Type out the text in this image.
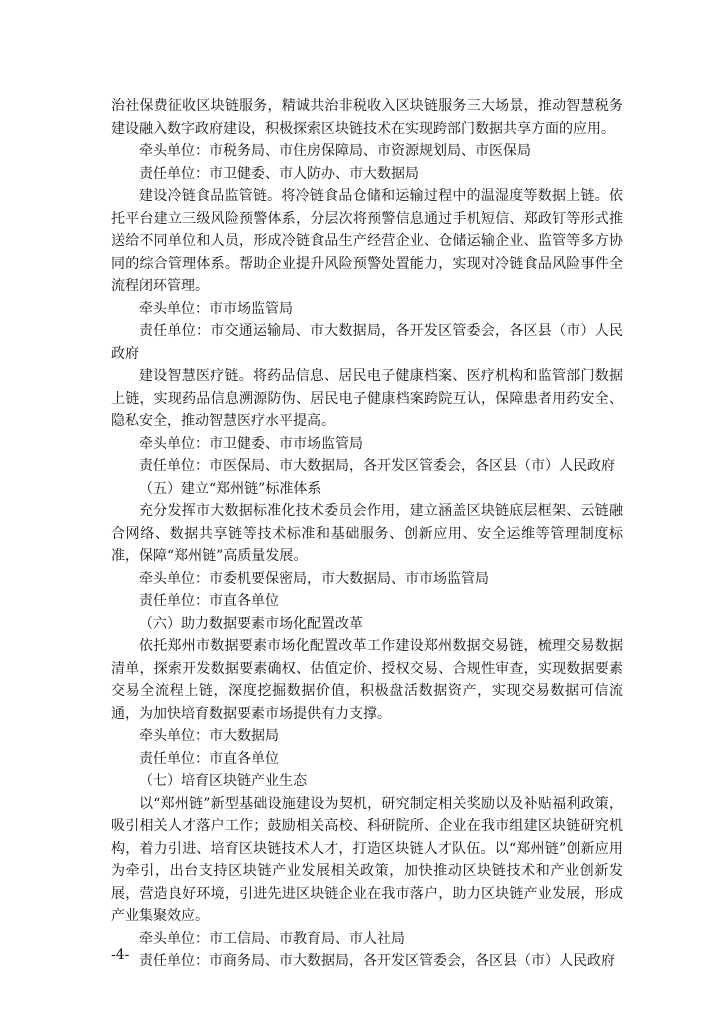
治社保费征收区块链服务，精诚共治非税收入区块链服务三大场景，推动智慧税务建设融入数字政府建设，积极探索区块链技术在实现跨部门数据共享方面的应用。

牵头单位：市税务局、市住房保障局、市资源规划局、市医保局

责任单位：市卫健委、市人防办、市大数据局

建设冷链食品监管链。将冷链食品仓储和运输过程中的温湿度等数据上链。依托平台建立三级风险预警体系，分层次将预警信息通过手机短信、郑政钉等形式推送给不同单位和人员，形成冷链食品生产经营企业、仓储运输企业、监管等多方协同的综合管理体系。帮助企业提升风险预警处置能力，实现对冷链食品风险事件全流程闭环管理。

牵头单位：市市场监管局

责任单位：市交通运输局、市大数据局，各开发区管委会，各区县（市）人民政府

建设智慧医疗链。将药品信息、居民电子健康档案、医疗机构和监管部门数据上链，实现药品信息溯源防伪、居民电子健康档案跨院互认，保障患者用药安全、隐私安全，推动智慧医疗水平提高。

牵头单位：市卫健委、市市场监管局

责任单位：市医保局、市大数据局，各开发区管委会，各区县（市）人民政府

（五）建立“郑州链”标准体系

充分发挥市大数据标准化技术委员会作用，建立涵盖区块链底层框架、云链融合网络、数据共享链等技术标准和基础服务、创新应用、安全运维等管理制度标准，保障“郑州链”高质量发展。

牵头单位：市委机要保密局，市大数据局、市市场监管局

责任单位：市直各单位

（六）助力数据要素市场化配置改革

依托郑州市数据要素市场化配置改革工作建设郑州数据交易链，梳理交易数据清单，探索开发数据要素确权、估值定价、授权交易、合规性审查，实现数据要素交易全流程上链，深度挖掘数据价值，积极盘活数据资产，实现交易数据可信流通，为加快培育数据要素市场提供有力支撑。

牵头单位：市大数据局

责任单位：市直各单位

（七）培育区块链产业生态

以“郑州链”新型基础设施建设为契机，研究制定相关奖励以及补贴福利政策，吸引相关人才落户工作；鼓励相关高校、科研院所、企业在我市组建区块链研究机构，着力引进、培育区块链技术人才，打造区块链人才队伍。以“郑州链”创新应用为牵引，出台支持区块链产业发展相关政策，加快推动区块链技术和产业创新发展，营造良好环境，引进先进区块链企业在我市落户，助力区块链产业发展，形成产业集聚效应。

牵头单位：市工信局、市教育局、市人社局

责任单位：市商务局、市大数据局，各开发区管委会，各区县（市）人民政府

-4-
